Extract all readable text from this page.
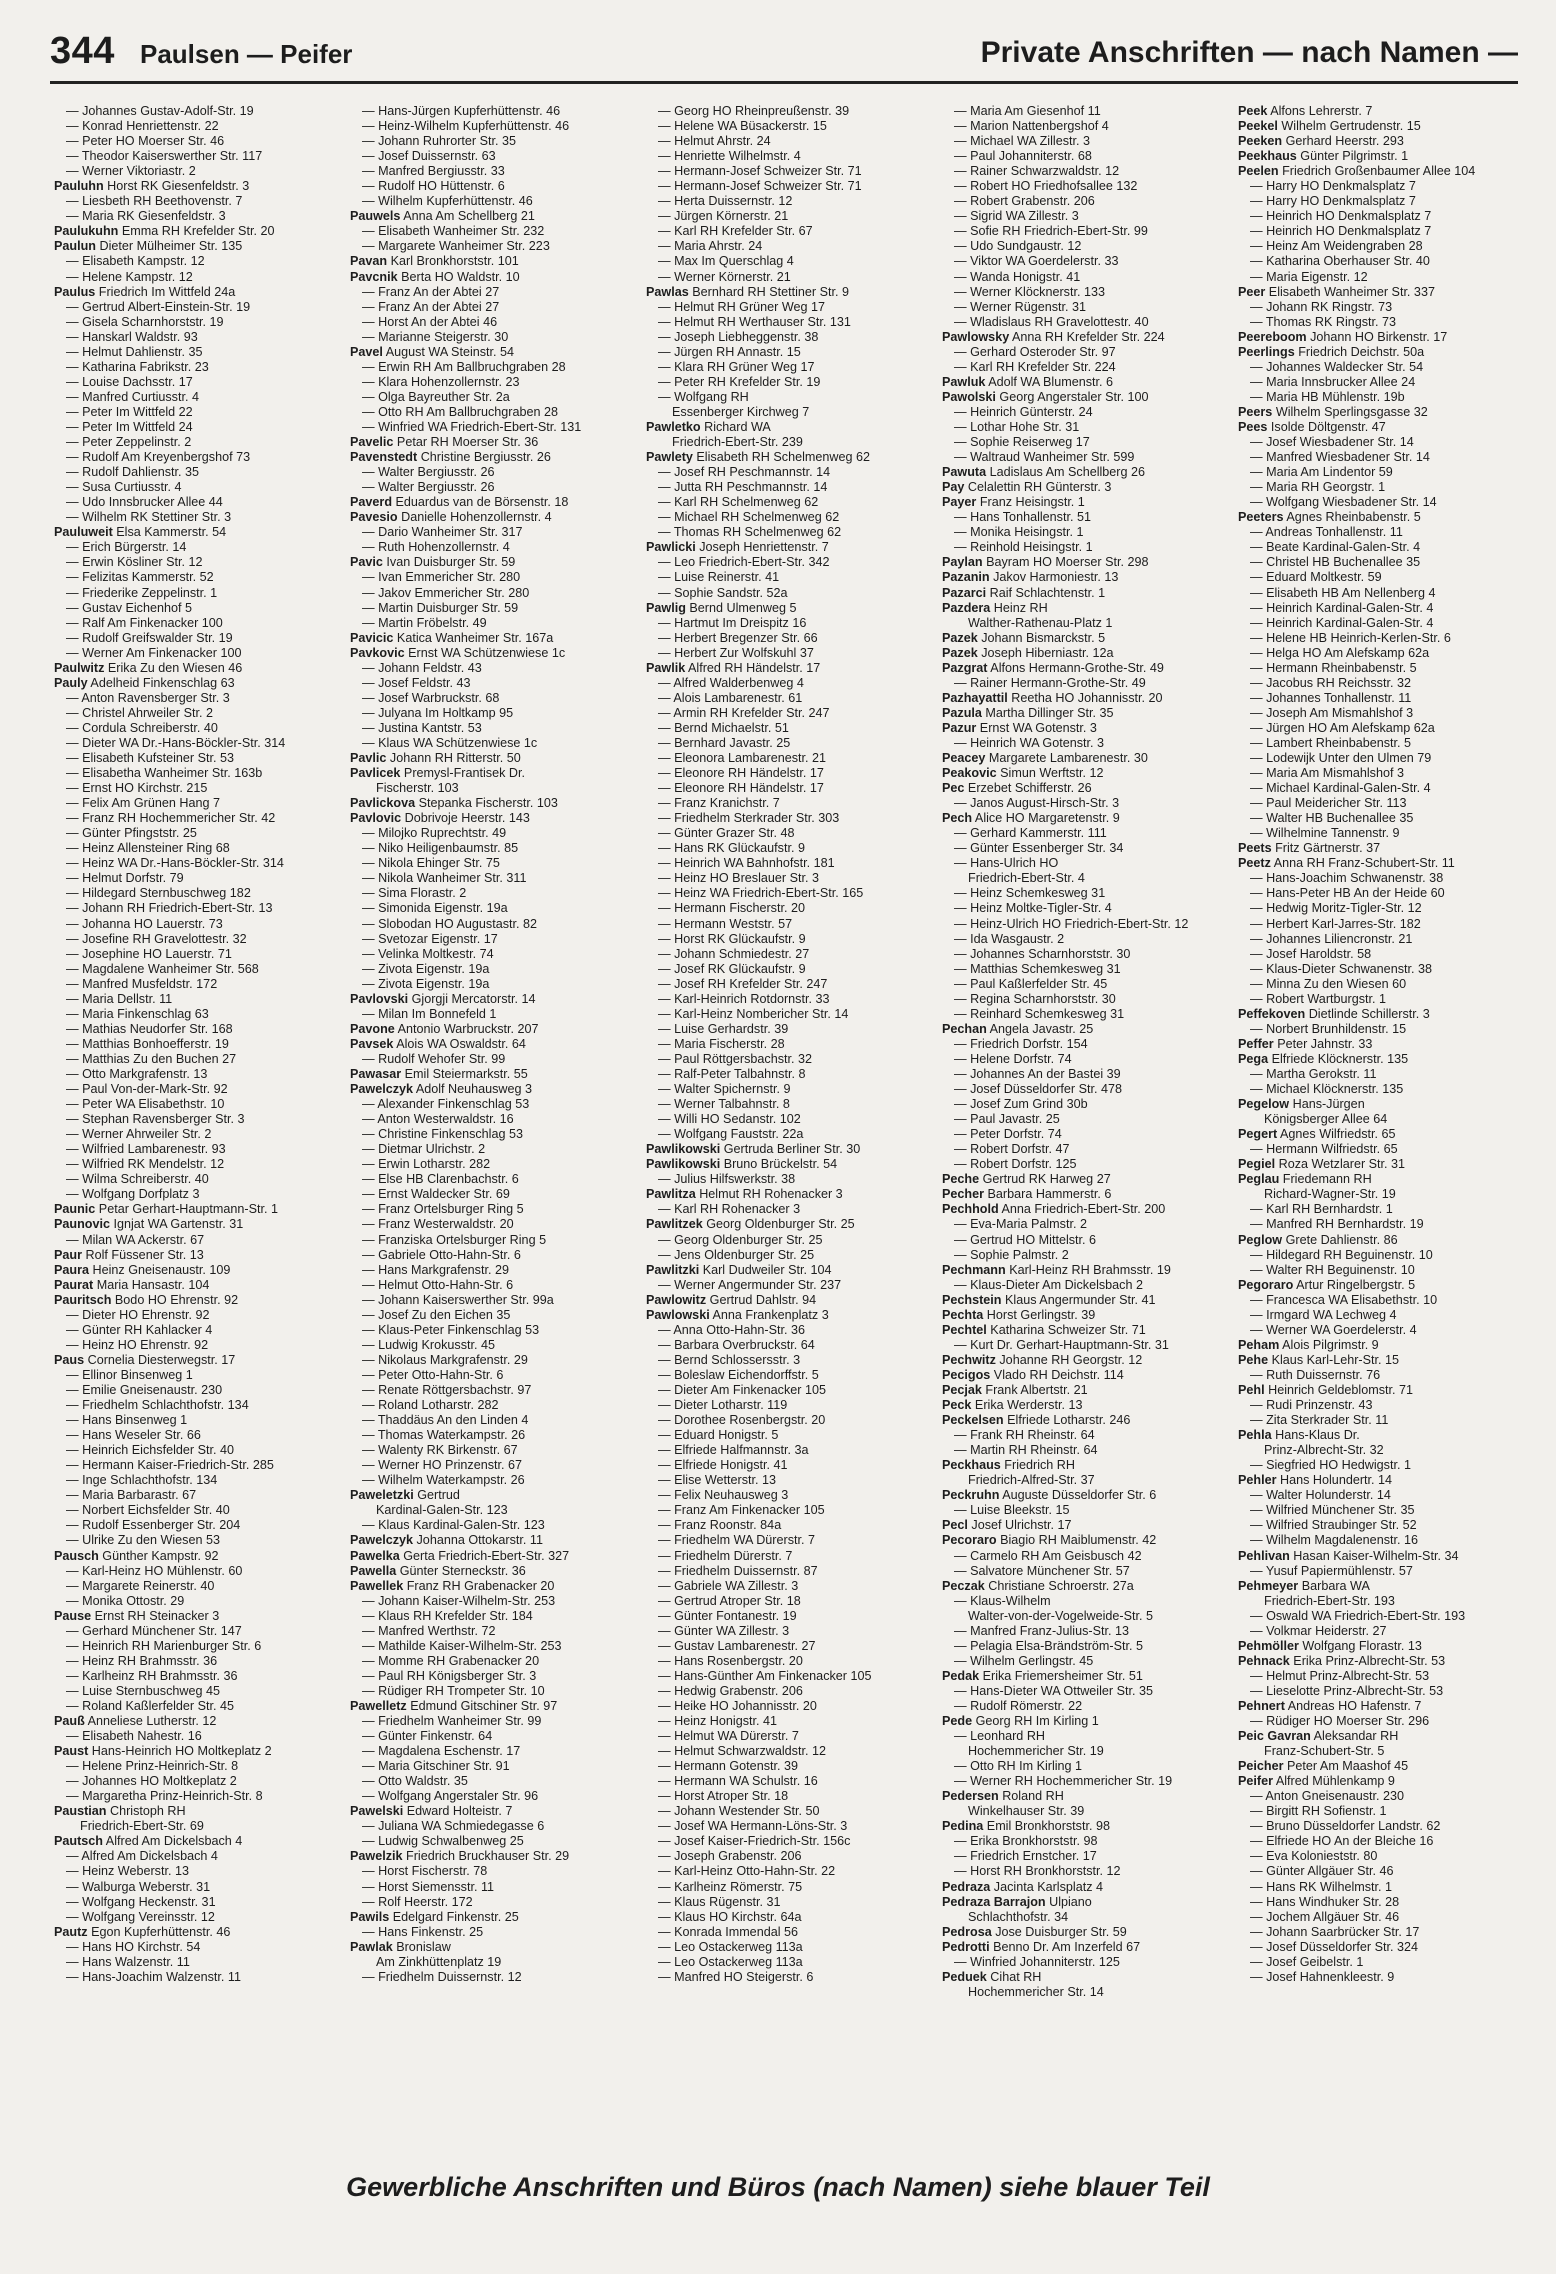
344 Paulsen — Peifer	Private Anschriften — nach Namen —
— Johannes Gustav-Adolf-Str. 19
— Konrad Henriettenstr. 22
— Peter HO Moerser Str. 46
— Theodor Kaiserswerther Str. 117
— Werner Viktoriastr. 2
Pauluhn Horst RK Giesenfeldstr. 3
— Liesbeth RH Beethovenstr. 7
— Maria RK Giesenfeldstr. 3
Paulukuhn Emma RH Krefelder Str. 20
Paulun Dieter Mülheimer Str. 135
— Elisabeth Kampstr. 12
— Helene Kampstr. 12
Paulus Friedrich Im Wittfeld 24a
— Gertrud Albert-Einstein-Str. 19
— Gisela Scharnhorststr. 19
— Hanskarl Waldstr. 93
— Helmut Dahlienstr. 35
— Katharina Fabrikstr. 23
— Louise Dachsstr. 17
— Manfred Curtiusstr. 4
— Peter Im Wittfeld 22
— Peter Im Wittfeld 24
— Peter Zeppelinstr. 2
— Rudolf Am Kreyenbergshof 73
— Rudolf Dahlienstr. 35
— Susa Curtiusstr. 4
— Udo Innsbrucker Allee 44
— Wilhelm RK Stettiner Str. 3
Pauluweit Elsa Kammerstr. 54
— Erich Bürgerstr. 14
— Erwin Kösliner Str. 12
— Felizitas Kammerstr. 52
— Friederike Zeppelinstr. 1
— Gustav Eichenhof 5
— Ralf Am Finkenacker 100
— Rudolf Greifswalder Str. 19
— Werner Am Finkenacker 100
Paulwitz Erika Zu den Wiesen 46
Pauly Adelheid Finkenschlag 63
— Anton Ravensberger Str. 3
— Christel Ahrweiler Str. 2
— Cordula Schreiberstr. 40
— Dieter WA Dr.-Hans-Böckler-Str. 314
— Elisabeth Kufsteiner Str. 53
— Elisabetha Wanheimer Str. 163b
— Ernst HO Kirchstr. 215
— Felix Am Grünen Hang 7
— Franz RH Hochemmericher Str. 42
— Günter Pfingststr. 25
— Heinz Allensteiner Ring 68
— Heinz WA Dr.-Hans-Böckler-Str. 314
— Helmut Dorfstr. 79
— Hildegard Sternbuschweg 182
— Johann RH Friedrich-Ebert-Str. 13
— Johanna HO Lauerstr. 73
— Josefine RH Gravelottestr. 32
— Josephine HO Lauerstr. 71
— Magdalene Wanheimer Str. 568
— Manfred Musfeldstr. 172
— Maria Dellstr. 11
— Maria Finkenschlag 63
— Mathias Neudorfer Str. 168
— Matthias Bonhoefferstr. 19
— Matthias Zu den Buchen 27
— Otto Markgrafenstr. 13
— Paul Von-der-Mark-Str. 92
— Peter WA Elisabethstr. 10
— Stephan Ravensberger Str. 3
— Werner Ahrweiler Str. 2
— Wilfried Lambarenestr. 93
— Wilfried RK Mendelstr. 12
— Wilma Schreiberstr. 40
— Wolfgang Dorfplatz 3
Paunic Petar Gerhart-Hauptmann-Str. 1
Paunovic Ignjat WA Gartenstr. 31
— Milan WA Ackerstr. 67
Paur Rolf Füssener Str. 13
Paura Heinz Gneisenaustr. 109
Paurat Maria Hansastr. 104
Pauritsch Bodo HO Ehrenstr. 92
— Dieter HO Ehrenstr. 92
— Günter RH Kahlacker 4
— Heinz HO Ehrenstr. 92
Paus Cornelia Diesterwegstr. 17
— Ellinor Binsenweg 1
— Emilie Gneisenaustr. 230
— Friedhelm Schlachthofstr. 134
— Hans Binsenweg 1
— Hans Weseler Str. 66
— Heinrich Eichsfelder Str. 40
— Hermann Kaiser-Friedrich-Str. 285
— Inge Schlachthofstr. 134
— Maria Barbarastr. 67
— Norbert Eichsfelder Str. 40
— Rudolf Essenberger Str. 204
— Ulrike Zu den Wiesen 53
Pausch Günther Kampstr. 92
— Karl-Heinz HO Mühlenstr. 60
— Margarete Reinerstr. 40
— Monika Ottostr. 29
Pause Ernst RH Steinacker 3
— Gerhard Münchener Str. 147
— Heinrich RH Marienburger Str. 6
— Heinz RH Brahmsstr. 36
— Karlheinz RH Brahmsstr. 36
— Luise Sternbuschweg 45
— Roland Kaßlerfelder Str. 45
Pauß Anneliese Lutherstr. 12
— Elisabeth Nahestr. 16
Paust Hans-Heinrich HO Moltkeplatz 2
— Helene Prinz-Heinrich-Str. 8
— Johannes HO Moltkeplatz 2
— Margaretha Prinz-Heinrich-Str. 8
Paustian Christoph RH
Friedrich-Ebert-Str. 69
Pautsch Alfred Am Dickelsbach 4
— Alfred Am Dickelsbach 4
— Heinz Weberstr. 13
— Walburga Weberstr. 31
— Wolfgang Heckenstr. 31
— Wolfgang Vereinsstr. 12
Pautz Egon Kupferhüttenstr. 46
— Hans HO Kirchstr. 54
— Hans Walzenstr. 11
— Hans-Joachim Walzenstr. 11
— Hans-Jürgen Kupferhüttenstr. 46
— Heinz-Wilhelm Kupferhüttenstr. 46
— Johann Ruhrorter Str. 35
— Josef Duissernstr. 63
— Manfred Bergiusstr. 33
— Rudolf HO Hüttenstr. 6
— Wilhelm Kupferhüttenstr. 46
Pauwels Anna Am Schellberg 21
— Elisabeth Wanheimer Str. 232
— Margarete Wanheimer Str. 223
Pavan Karl Bronkhorststr. 101
Pavcnik Berta HO Waldstr. 10
— Franz An der Abtei 27
— Franz An der Abtei 27
— Horst An der Abtei 46
— Marianne Steigerstr. 30
Pavel August WA Steinstr. 54
— Erwin RH Am Ballbruchgraben 28
— Klara Hohenzollernstr. 23
— Olga Bayreuther Str. 2a
— Otto RH Am Ballbruchgraben 28
— Winfried WA Friedrich-Ebert-Str. 131
Pavelic Petar RH Moerser Str. 36
Pavenstedt Christine Bergiusstr. 26
— Walter Bergiusstr. 26
— Walter Bergiusstr. 26
Paverd Eduardus van de Börsenstr. 18
Pavesio Danielle Hohenzollernstr. 4
— Dario Wanheimer Str. 317
— Ruth Hohenzollernstr. 4
Pavic Ivan Duisburger Str. 59
— Ivan Emmericher Str. 280
— Jakov Emmericher Str. 280
— Martin Duisburger Str. 59
— Martin Fröbelstr. 49
Pavicic Katica Wanheimer Str. 167a
Pavkovic Ernst WA Schützenwiese 1c
— Johann Feldstr. 43
— Josef Feldstr. 43
— Josef Warbruckstr. 68
— Julyana Im Holtkamp 95
— Justina Kantstr. 53
— Klaus WA Schützenwiese 1c
Pavlic Johann RH Ritterstr. 50
Pavlicek Premysl-Frantisek Dr.
Fischerstr. 103
Pavlickova Stepanka Fischerstr. 103
Pavlovic Dobrivoje Heerstr. 143
— Milojko Ruprechtstr. 49
— Niko Heiligenbaumstr. 85
— Nikola Ehinger Str. 75
— Nikola Wanheimer Str. 311
— Sima Florastr. 2
— Simonida Eigenstr. 19a
— Slobodan HO Augustastr. 82
— Svetozar Eigenstr. 17
— Velinka Moltkestr. 74
— Zivota Eigenstr. 19a
— Zivota Eigenstr. 19a
Pavlovski Gjorgji Mercatorstr. 14
— Milan Im Bonnefeld 1
Pavone Antonio Warbruckstr. 207
Pavsek Alois WA Oswaldstr. 64
— Rudolf Wehofer Str. 99
Pawasar Emil Steiermarkstr. 55
Pawelczyk Adolf Neuhausweg 3
— Alexander Finkenschlag 53
— Anton Westerwaldstr. 16
— Christine Finkenschlag 53
— Dietmar Ulrichstr. 2
— Erwin Lotharstr. 282
— Else HB Clarenbachstr. 6
— Ernst Waldecker Str. 69
— Franz Ortelsburger Ring 5
— Franz Westerwaldstr. 20
— Franziska Ortelsburger Ring 5
— Gabriele Otto-Hahn-Str. 6
— Hans Markgrafenstr. 29
— Helmut Otto-Hahn-Str. 6
— Johann Kaiserswerther Str. 99a
— Josef Zu den Eichen 35
— Klaus-Peter Finkenschlag 53
— Ludwig Krokusstr. 45
— Nikolaus Markgrafenstr. 29
— Peter Otto-Hahn-Str. 6
— Renate Röttgersbachstr. 97
— Roland Lotharstr. 282
— Thaddäus An den Linden 4
— Thomas Waterkampstr. 26
— Walenty RK Birkenstr. 67
— Werner HO Prinzenstr. 67
— Wilhelm Waterkampstr. 26
Paweletzki Gertrud
Kardinal-Galen-Str. 123
— Klaus Kardinal-Galen-Str. 123
Pawelczyk Johanna Ottokarstr. 11
Pawelka Gerta Friedrich-Ebert-Str. 327
Pawella Günter Sterneckstr. 36
Pawellek Franz RH Grabenacker 20
— Johann Kaiser-Wilhelm-Str. 253
— Klaus RH Krefelder Str. 184
— Manfred Werthstr. 72
— Mathilde Kaiser-Wilhelm-Str. 253
— Momme RH Grabenacker 20
— Paul RH Königsberger Str. 3
— Rüdiger RH Trompeter Str. 10
Pawelletz Edmund Gitschiner Str. 97
— Friedhelm Wanheimer Str. 99
— Günter Finkenstr. 64
— Magdalena Eschenstr. 17
— Maria Gitschiner Str. 91
— Otto Waldstr. 35
— Wolfgang Angerstaler Str. 96
Pawelski Edward Holteistr. 7
— Juliana WA Schmiedegasse 6
— Ludwig Schwalbenweg 25
Pawelzik Friedrich Bruckhauser Str. 29
— Horst Fischerstr. 78
— Horst Siemensstr. 11
— Rolf Heerstr. 172
Pawils Edelgard Finkenstr. 25
— Hans Finkenstr. 25
Pawlak Bronislaw
Am Zinkhüttenplatz 19
— Friedhelm Duissernstr. 12
— Georg HO Rheinpreußenstr. 39
— Helene WA Büsackerstr. 15
— Helmut Ahrstr. 24
— Henriette Wilhelmstr. 4
— Hermann-Josef Schweizer Str. 71
— Hermann-Josef Schweizer Str. 71
— Herta Duissernstr. 12
— Jürgen Körnerstr. 21
— Karl RH Krefelder Str. 67
— Maria Ahrstr. 24
— Max Im Querschlag 4
— Werner Körnerstr. 21
Pawlas Bernhard RH Stettiner Str. 9
— Helmut RH Grüner Weg 17
— Helmut RH Werthauser Str. 131
— Joseph Liebheggenstr. 38
— Jürgen RH Annastr. 15
— Klara RH Grüner Weg 17
— Peter RH Krefelder Str. 19
— Wolfgang RH
Essenberger Kirchweg 7
Pawletko Richard WA
Friedrich-Ebert-Str. 239
Pawlety Elisabeth RH Schelmenweg 62
— Josef RH Peschmannstr. 14
— Jutta RH Peschmannstr. 14
— Karl RH Schelmenweg 62
— Michael RH Schelmenweg 62
— Thomas RH Schelmenweg 62
Pawlicki Joseph Henriettenstr. 7
— Leo Friedrich-Ebert-Str. 342
— Luise Reinerstr. 41
— Sophie Sandstr. 52a
Pawlig Bernd Ulmenweg 5
— Hartmut Im Dreispitz 16
— Herbert Bregenzer Str. 66
— Herbert Zur Wolfskuhl 37
Pawlik Alfred RH Händelstr. 17
— Alfred Walderbenweg 4
— Alois Lambarenestr. 61
— Armin RH Krefelder Str. 247
— Bernd Michaelstr. 51
— Bernhard Javastr. 25
— Eleonora Lambarenestr. 21
— Eleonore RH Händelstr. 17
— Eleonore RH Händelstr. 17
— Franz Kranichstr. 7
— Friedhelm Sterkrader Str. 303
— Günter Grazer Str. 48
— Hans RK Glückaufstr. 9
— Heinrich WA Bahnhofstr. 181
— Heinz HO Breslauer Str. 3
— Heinz WA Friedrich-Ebert-Str. 165
— Hermann Fischerstr. 20
— Hermann Weststr. 57
— Horst RK Glückaufstr. 9
— Johann Schmiedestr. 27
— Josef RK Glückaufstr. 9
— Josef RH Krefelder Str. 247
— Karl-Heinrich Rotdornstr. 33
— Karl-Heinz Nombericher Str. 14
— Luise Gerhardstr. 39
— Maria Fischerstr. 28
— Paul Röttgersbachstr. 32
— Ralf-Peter Talbahnstr. 8
— Walter Spichernstr. 9
— Werner Talbahnstr. 8
— Willi HO Sedanstr. 102
— Wolfgang Fauststr. 22a
Pawlikowski Gertruda Berliner Str. 30
Pawlikowski Bruno Brückelstr. 54
— Julius Hilfswerkstr. 38
Pawlitza Helmut RH Rohenacker 3
— Karl RH Rohenacker 3
Pawlitzek Georg Oldenburger Str. 25
— Georg Oldenburger Str. 25
— Jens Oldenburger Str. 25
Pawlitzki Karl Dudweiler Str. 104
— Werner Angermunder Str. 237
Pawlowitz Gertrud Dahlstr. 94
Pawlowski Anna Frankenplatz 3
— Anna Otto-Hahn-Str. 36
— Barbara Overbruckstr. 64
— Bernd Schlossersstr. 3
— Boleslaw Eichendorffstr. 5
— Dieter Am Finkenacker 105
— Dieter Lotharstr. 119
— Dorothee Rosenbergstr. 20
— Eduard Honigstr. 5
— Elfriede Halfmannstr. 3a
— Elfriede Honigstr. 41
— Elise Wetterstr. 13
— Felix Neuhausweg 3
— Franz Am Finkenacker 105
— Franz Roonstr. 84a
— Friedhelm WA Dürerstr. 7
— Friedhelm Dürerstr. 7
— Friedhelm Duissernstr. 87
— Gabriele WA Zillestr. 3
— Gertrud Atroper Str. 18
— Günter Fontanestr. 19
— Günter WA Zillestr. 3
— Gustav Lambarenestr. 27
— Hans Rosenbergstr. 20
— Hans-Günther Am Finkenacker 105
— Hedwig Grabenstr. 206
— Heike HO Johannisstr. 20
— Heinz Honigstr. 41
— Helmut WA Dürerstr. 7
— Helmut Schwarzwaldstr. 12
— Hermann Gotenstr. 39
— Hermann WA Schulstr. 16
— Horst Atroper Str. 18
— Johann Westender Str. 50
— Josef WA Hermann-Löns-Str. 3
— Josef Kaiser-Friedrich-Str. 156c
— Joseph Grabenstr. 206
— Karl-Heinz Otto-Hahn-Str. 22
— Karlheinz Römerstr. 75
— Klaus Rügenstr. 31
— Klaus HO Kirchstr. 64a
— Konrada Immendal 56
— Leo Ostackerweg 113a
— Leo Ostackerweg 113a
— Manfred HO Steigerstr. 6
— Maria Am Giesenhof 11
— Marion Nattenbergshof 4
— Michael WA Zillestr. 3
— Paul Johanniterstr. 68
— Rainer Schwarzwaldstr. 12
— Robert HO Friedhofsallee 132
— Robert Grabenstr. 206
— Sigrid WA Zillestr. 3
— Sofie RH Friedrich-Ebert-Str. 99
— Udo Sundgaustr. 12
— Viktor WA Goerdelerstr. 33
— Wanda Honigstr. 41
— Werner Klöcknerstr. 133
— Werner Rügenstr. 31
— Wladislaus RH Gravelottestr. 40
Pawlowsky Anna RH Krefelder Str. 224
— Gerhard Osteroder Str. 97
— Karl RH Krefelder Str. 224
Pawluk Adolf WA Blumenstr. 6
Pawolski Georg Angerstaler Str. 100
— Heinrich Günterstr. 24
— Lothar Hohe Str. 31
— Sophie Reiserweg 17
— Waltraud Wanheimer Str. 599
Pawuta Ladislaus Am Schellberg 26
Pay Celalettin RH Günterstr. 3
Payer Franz Heisingstr. 1
— Hans Tonhallenstr. 51
— Monika Heisingstr. 1
— Reinhold Heisingstr. 1
Paylan Bayram HO Moerser Str. 298
Pazanin Jakov Harmoniestr. 13
Pazarci Raif Schlachtenstr. 1
Pazdera Heinz RH
Walther-Rathenau-Platz 1
Pazek Johann Bismarckstr. 5
Pazek Joseph Hiberniastr. 12a
Pazgrat Alfons Hermann-Grothe-Str. 49
— Rainer Hermann-Grothe-Str. 49
Pazhayattil Reetha HO Johannisstr. 20
Pazula Martha Dillinger Str. 35
Pazur Ernst WA Gotenstr. 3
— Heinrich WA Gotenstr. 3
Peacey Margarete Lambarenestr. 30
Peakovic Simun Werftstr. 12
Pec Erzebet Schifferstr. 26
— Janos August-Hirsch-Str. 3
Pech Alice HO Margaretenstr. 9
— Gerhard Kammerstr. 111
— Günter Essenberger Str. 34
— Hans-Ulrich HO
Friedrich-Ebert-Str. 4
— Heinz Schemkesweg 31
— Heinz Moltke-Tigler-Str. 4
— Heinz-Ulrich HO Friedrich-Ebert-Str. 12
— Ida Wasgaustr. 2
— Johannes Scharnhorststr. 30
— Matthias Schemkesweg 31
— Paul Kaßlerfelder Str. 45
— Regina Scharnhorststr. 30
— Reinhard Schemkesweg 31
Pechan Angela Javastr. 25
— Friedrich Dorfstr. 154
— Helene Dorfstr. 74
— Johannes An der Bastei 39
— Josef Düsseldorfer Str. 478
— Josef Zum Grind 30b
— Paul Javastr. 25
— Peter Dorfstr. 74
— Robert Dorfstr. 47
— Robert Dorfstr. 125
Peche Gertrud RK Harweg 27
Pecher Barbara Hammerstr. 6
Pechhold Anna Friedrich-Ebert-Str. 200
— Eva-Maria Palmstr. 2
— Gertrud HO Mittelstr. 6
— Sophie Palmstr. 2
Pechmann Karl-Heinz RH Brahmsstr. 19
— Klaus-Dieter Am Dickelsbach 2
Pechstein Klaus Angermunder Str. 41
Pechta Horst Gerlingstr. 39
Pechtel Katharina Schweizer Str. 71
— Kurt Dr. Gerhart-Hauptmann-Str. 31
Pechwitz Johanne RH Georgstr. 12
Pecigos Vlado RH Deichstr. 114
Pecjak Frank Albertstr. 21
Peck Erika Werderstr. 13
Peckelsen Elfriede Lotharstr. 246
— Frank RH Rheinstr. 64
— Martin RH Rheinstr. 64
Peckhaus Friedrich RH
Friedrich-Alfred-Str. 37
Peckruhn Auguste Düsseldorfer Str. 6
— Luise Bleekstr. 15
Pecl Josef Ulrichstr. 17
Pecoraro Biagio RH Maiblumenstr. 42
— Carmelo RH Am Geisbusch 42
— Salvatore Münchener Str. 57
Peczak Christiane Schroerstr. 27a
— Klaus-Wilhelm
Walter-von-der-Vogelweide-Str. 5
— Manfred Franz-Julius-Str. 13
— Pelagia Elsa-Brändström-Str. 5
— Wilhelm Gerlingstr. 45
Pedak Erika Friemersheimer Str. 51
— Hans-Dieter WA Ottweiler Str. 35
— Rudolf Römerstr. 22
Pede Georg RH Im Kirling 1
— Leonhard RH
Hochemmericher Str. 19
— Otto RH Im Kirling 1
— Werner RH Hochemmericher Str. 19
Pedersen Roland RH
Winkelhauser Str. 39
Pedina Emil Bronkhorststr. 98
— Erika Bronkhorststr. 98
— Friedrich Ernstcher. 17
— Horst RH Bronkhorststr. 12
Pedraza Jacinta Karlsplatz 4
Pedraza Barrajon Ulpiano
Schlachthofstr. 34
Pedrosa Jose Duisburger Str. 59
Pedrotti Benno Dr. Am Inzerfeld 67
— Winfried Johanniterstr. 125
Peduek Cihat RH
Hochemmericher Str. 14
Peek Alfons Lehrerstr. 7
Peekel Wilhelm Gertrudenstr. 15
Peeken Gerhard Heerstr. 293
Peekhaus Günter Pilgrimstr. 1
Peelen Friedrich Großenbaumer Allee 104
— Harry HO Denkmalsplatz 7
— Harry HO Denkmalsplatz 7
— Heinrich HO Denkmalsplatz 7
— Heinrich HO Denkmalsplatz 7
— Heinz Am Weidengraben 28
— Katharina Oberhauser Str. 40
— Maria Eigenstr. 12
Peer Elisabeth Wanheimer Str. 337
— Johann RK Ringstr. 73
— Thomas RK Ringstr. 73
Peereboom Johann HO Birkenstr. 17
Peerlings Friedrich Deichstr. 50a
— Johannes Waldecker Str. 54
— Maria Innsbrucker Allee 24
— Maria HB Mühlenstr. 19b
Peers Wilhelm Sperlingsgasse 32
Pees Isolde Döltgenstr. 47
— Josef Wiesbadener Str. 14
— Manfred Wiesbadener Str. 14
— Maria Am Lindentor 59
— Maria RH Georgstr. 1
— Wolfgang Wiesbadener Str. 14
Peeters Agnes Rheinbabenstr. 5
— Andreas Tonhallenstr. 11
— Beate Kardinal-Galen-Str. 4
— Christel HB Buchenallee 35
— Eduard Moltkestr. 59
— Elisabeth HB Am Nellenberg 4
— Heinrich Kardinal-Galen-Str. 4
— Heinrich Kardinal-Galen-Str. 4
— Helene HB Heinrich-Kerlen-Str. 6
— Helga HO Am Alefskamp 62a
— Hermann Rheinbabenstr. 5
— Jacobus RH Reichsstr. 32
— Johannes Tonhallenstr. 11
— Joseph Am Mismahlshof 3
— Jürgen HO Am Alefskamp 62a
— Lambert Rheinbabenstr. 5
— Lodewijk Unter den Ulmen 79
— Maria Am Mismahlshof 3
— Michael Kardinal-Galen-Str. 4
— Paul Meidericher Str. 113
— Walter HB Buchenallee 35
— Wilhelmine Tannenstr. 9
Peets Fritz Gärtnerstr. 37
Peetz Anna RH Franz-Schubert-Str. 11
— Hans-Joachim Schwanenstr. 38
— Hans-Peter HB An der Heide 60
— Hedwig Moritz-Tigler-Str. 12
— Herbert Karl-Jarres-Str. 182
— Johannes Liliencronstr. 21
— Josef Haroldstr. 58
— Klaus-Dieter Schwanenstr. 38
— Minna Zu den Wiesen 60
— Robert Wartburgstr. 1
Peffekoven Dietlinde Schillerstr. 3
— Norbert Brunhildenstr. 15
Peffer Peter Jahnstr. 33
Pega Elfriede Klöcknerstr. 135
— Martha Gerokstr. 11
— Michael Klöcknerstr. 135
Pegelow Hans-Jürgen
Königsberger Allee 64
Pegert Agnes Wilfriedstr. 65
— Hermann Wilfriedstr. 65
Pegiel Roza Wetzlarer Str. 31
Peglau Friedemann RH
Richard-Wagner-Str. 19
— Karl RH Bernhardstr. 1
— Manfred RH Bernhardstr. 19
Peglow Grete Dahlienstr. 86
— Hildegard RH Beguinenstr. 10
— Walter RH Beguinenstr. 10
Pegoraro Artur Ringelbergstr. 5
— Francesca WA Elisabethstr. 10
— Irmgard WA Lechweg 4
— Werner WA Goerdelerstr. 4
Peham Alois Pilgrimstr. 9
Pehe Klaus Karl-Lehr-Str. 15
— Ruth Duissernstr. 76
Pehl Heinrich Geldeblomstr. 71
— Rudi Prinzenstr. 43
— Zita Sterkrader Str. 11
Pehla Hans-Klaus Dr.
Prinz-Albrecht-Str. 32
— Siegfried HO Hedwigstr. 1
Pehler Hans Holundertr. 14
— Walter Holunderstr. 14
— Wilfried Münchener Str. 35
— Wilfried Straubinger Str. 52
— Wilhelm Magdalenenstr. 16
Pehlivan Hasan Kaiser-Wilhelm-Str. 34
— Yusuf Papiermühlenstr. 57
Pehmeyer Barbara WA
Friedrich-Ebert-Str. 193
— Oswald WA Friedrich-Ebert-Str. 193
— Volkmar Heiderstr. 27
Pehmöller Wolfgang Florastr. 13
Pehnack Erika Prinz-Albrecht-Str. 53
— Helmut Prinz-Albrecht-Str. 53
— Lieselotte Prinz-Albrecht-Str. 53
Pehnert Andreas HO Hafenstr. 7
— Rüdiger HO Moerser Str. 296
Peic Gavran Aleksandar RH
Franz-Schubert-Str. 5
Peicher Peter Am Maashof 45
Peifer Alfred Mühlenkamp 9
— Anton Gneisenaustr. 230
— Birgitt RH Sofienstr. 1
— Bruno Düsseldorfer Landstr. 62
— Elfriede HO An der Bleiche 16
— Eva Kolonieststr. 80
— Günter Allgäuer Str. 46
— Hans RK Wilhelmstr. 1
— Hans Windhuker Str. 28
— Jochem Allgäuer Str. 46
— Johann Saarbrücker Str. 17
— Josef Düsseldorfer Str. 324
— Josef Geibelstr. 1
— Josef Hahnenkleestr. 9
Gewerbliche Anschriften und Büros (nach Namen) siehe blauer Teil
